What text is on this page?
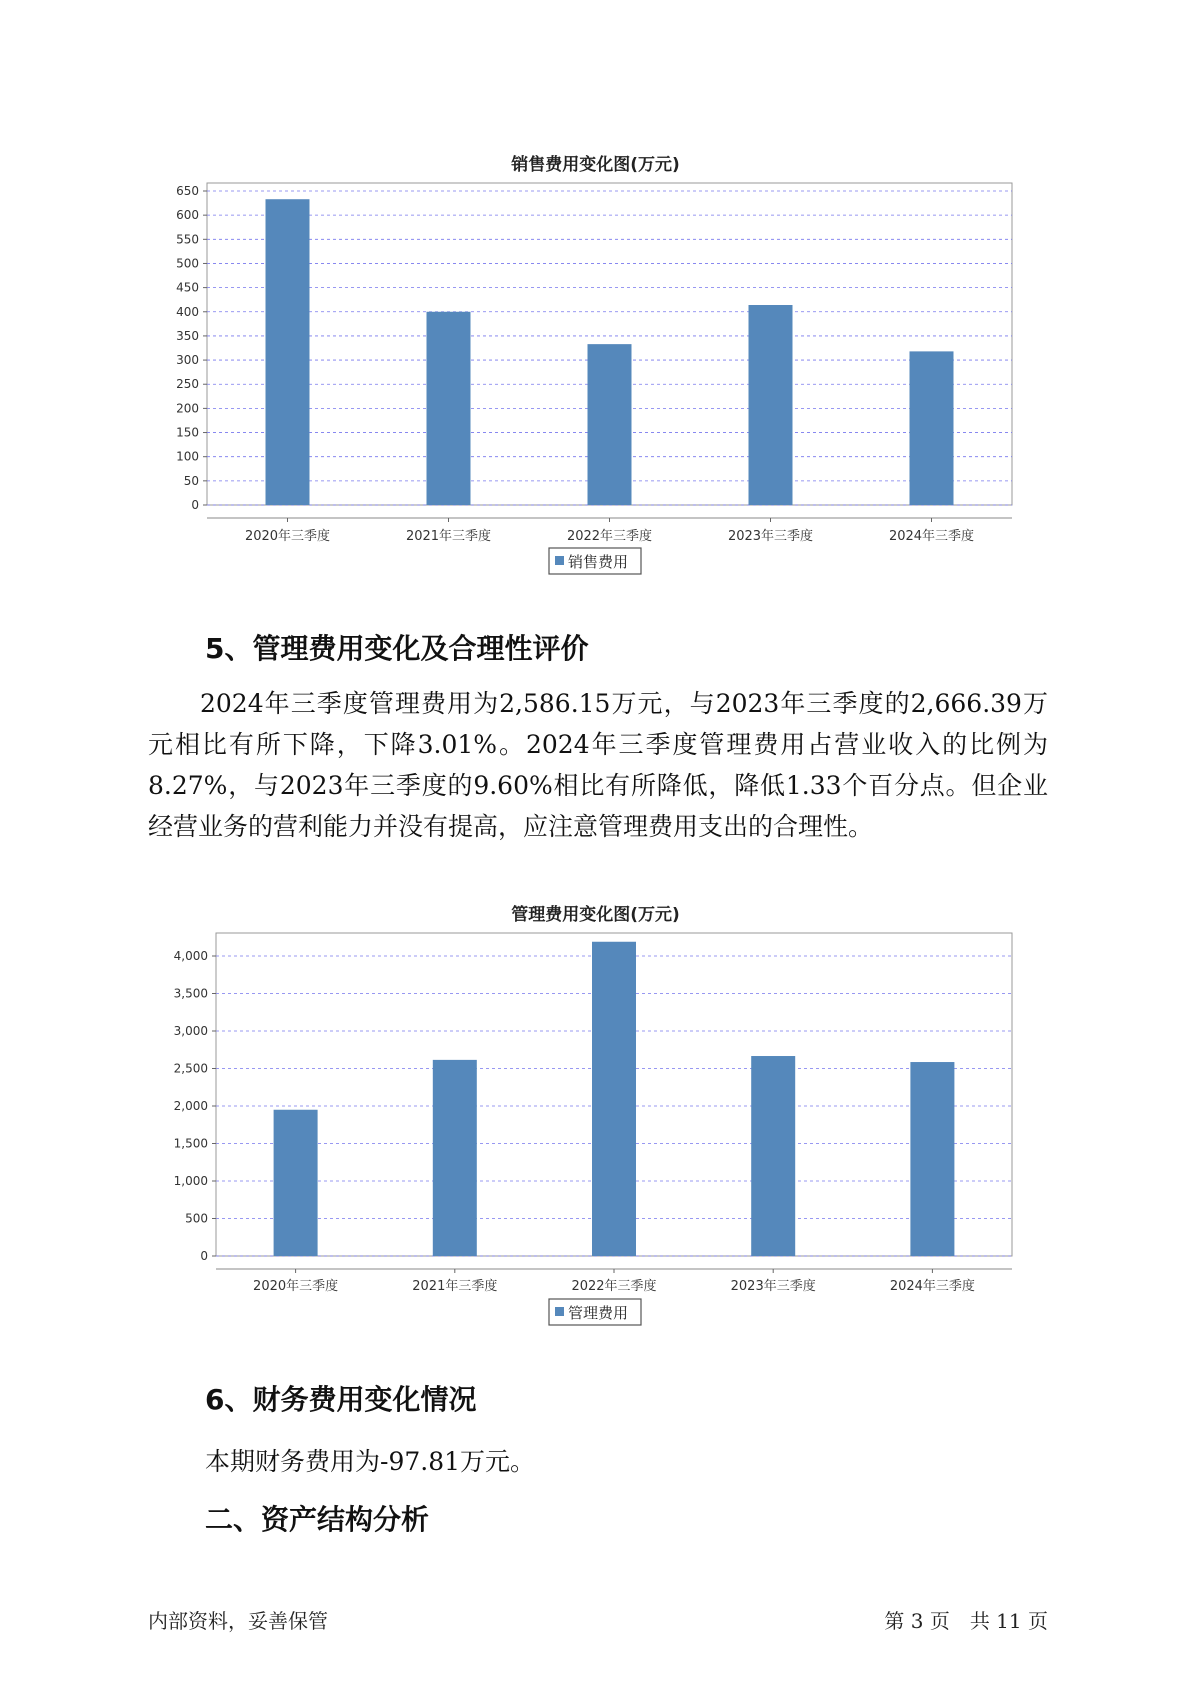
销售费用变化图(万元)
0
50
100
150
200
250
300
350
400
450
500
550
600
650
2020年三季度	2021年三季度	2022年三季度	2023年三季度	2024年三季度
销售费用
5、管理费用变化及合理性评价
2024年三季度管理费用为2,586.15万元，与2023年三季度的2,666.39万元相比有所下降，下降3.01%。2024年三季度管理费用占营业收入的比例为8.27%，与2023年三季度的9.60%相比有所降低，降低1.33个百分点。但企业经营业务的营利能力并没有提高，应注意管理费用支出的合理性。
管理费用变化图(万元)
0
500
1,000
1,500
2,000
2,500
3,000
3,500
4,000
2020年三季度	2021年三季度	2022年三季度	2023年三季度	2024年三季度
管理费用
6、财务费用变化情况
本期财务费用为-97.81万元。
二、资产结构分析
内部资料，妥善保管	第 3 页　共 11 页
